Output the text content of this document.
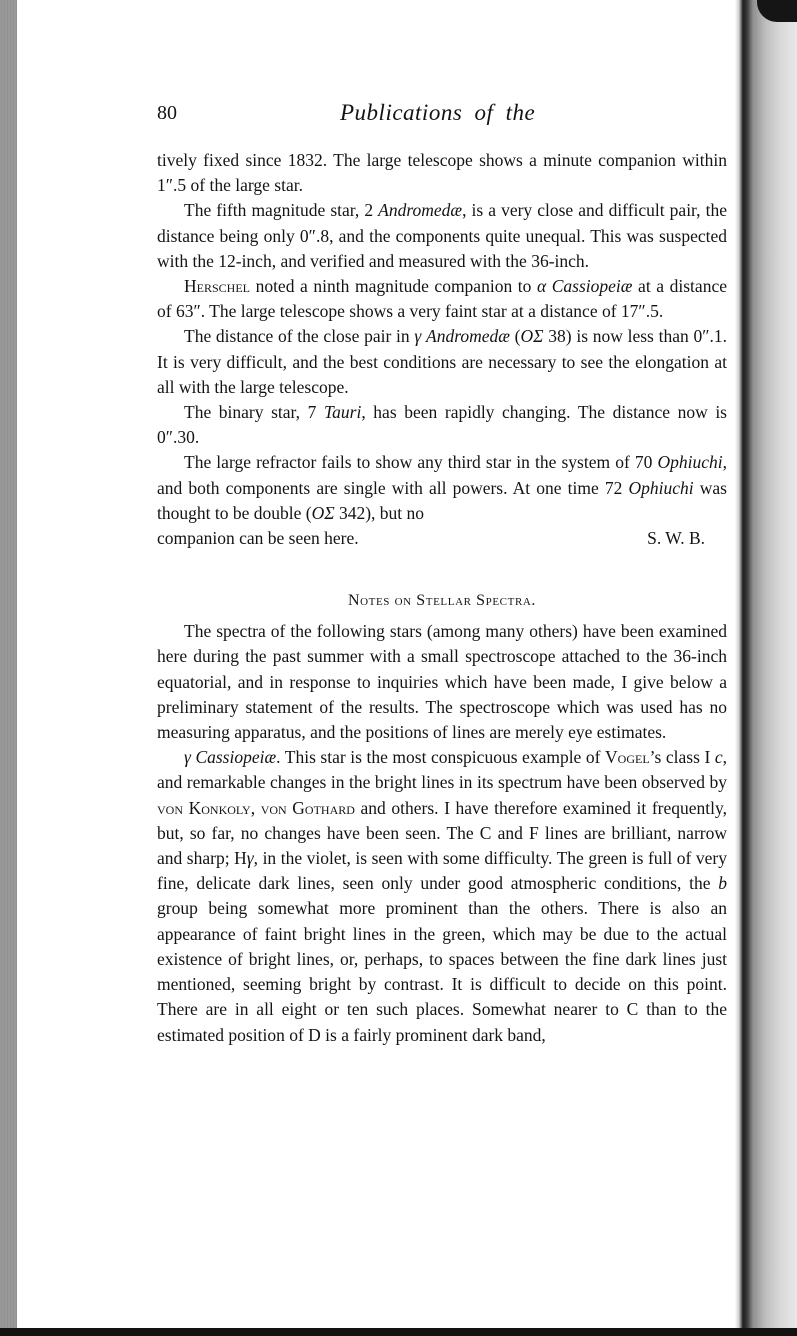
80	Publications of the

tively fixed since 1832. The large telescope shows a minute companion within 1″.5 of the large star.

The fifth magnitude star, 2 Andromedæ, is a very close and difficult pair, the distance being only 0″.8, and the components quite unequal. This was suspected with the 12-inch, and verified and measured with the 36-inch.

Herschel noted a ninth magnitude companion to α Cassiopeiæ at a distance of 63″. The large telescope shows a very faint star at a distance of 17″.5.

The distance of the close pair in γ Andromedæ (OΣ 38) is now less than 0″.1. It is very difficult, and the best conditions are necessary to see the elongation at all with the large telescope.

The binary star, 7 Tauri, has been rapidly changing. The distance now is 0″.30.

The large refractor fails to show any third star in the system of 70 Ophiuchi, and both components are single with all powers. At one time 72 Ophiuchi was thought to be double (OΣ 342), but no

companion can be seen here.	S. W. B.
Notes on Stellar Spectra.

The spectra of the following stars (among many others) have been examined here during the past summer with a small spectroscope attached to the 36-inch equatorial, and in response to inquiries which have been made, I give below a preliminary statement of the results. The spectroscope which was used has no measuring apparatus, and the positions of lines are merely eye estimates.

γ Cassiopeiæ. This star is the most conspicuous example of Vogel’s class I c, and remarkable changes in the bright lines in its spectrum have been observed by von Konkoly, von Gothard and others. I have therefore examined it frequently, but, so far, no changes have been seen. The C and F lines are brilliant, narrow and sharp; Hγ, in the violet, is seen with some difficulty. The green is full of very fine, delicate dark lines, seen only under good atmospheric conditions, the b group being somewhat more prominent than the others. There is also an appearance of faint bright lines in the green, which may be due to the actual existence of bright lines, or, perhaps, to spaces between the fine dark lines just mentioned, seeming bright by contrast. It is difficult to decide on this point. There are in all eight or ten such places. Somewhat nearer to C than to the estimated position of D is a fairly prominent dark band,
